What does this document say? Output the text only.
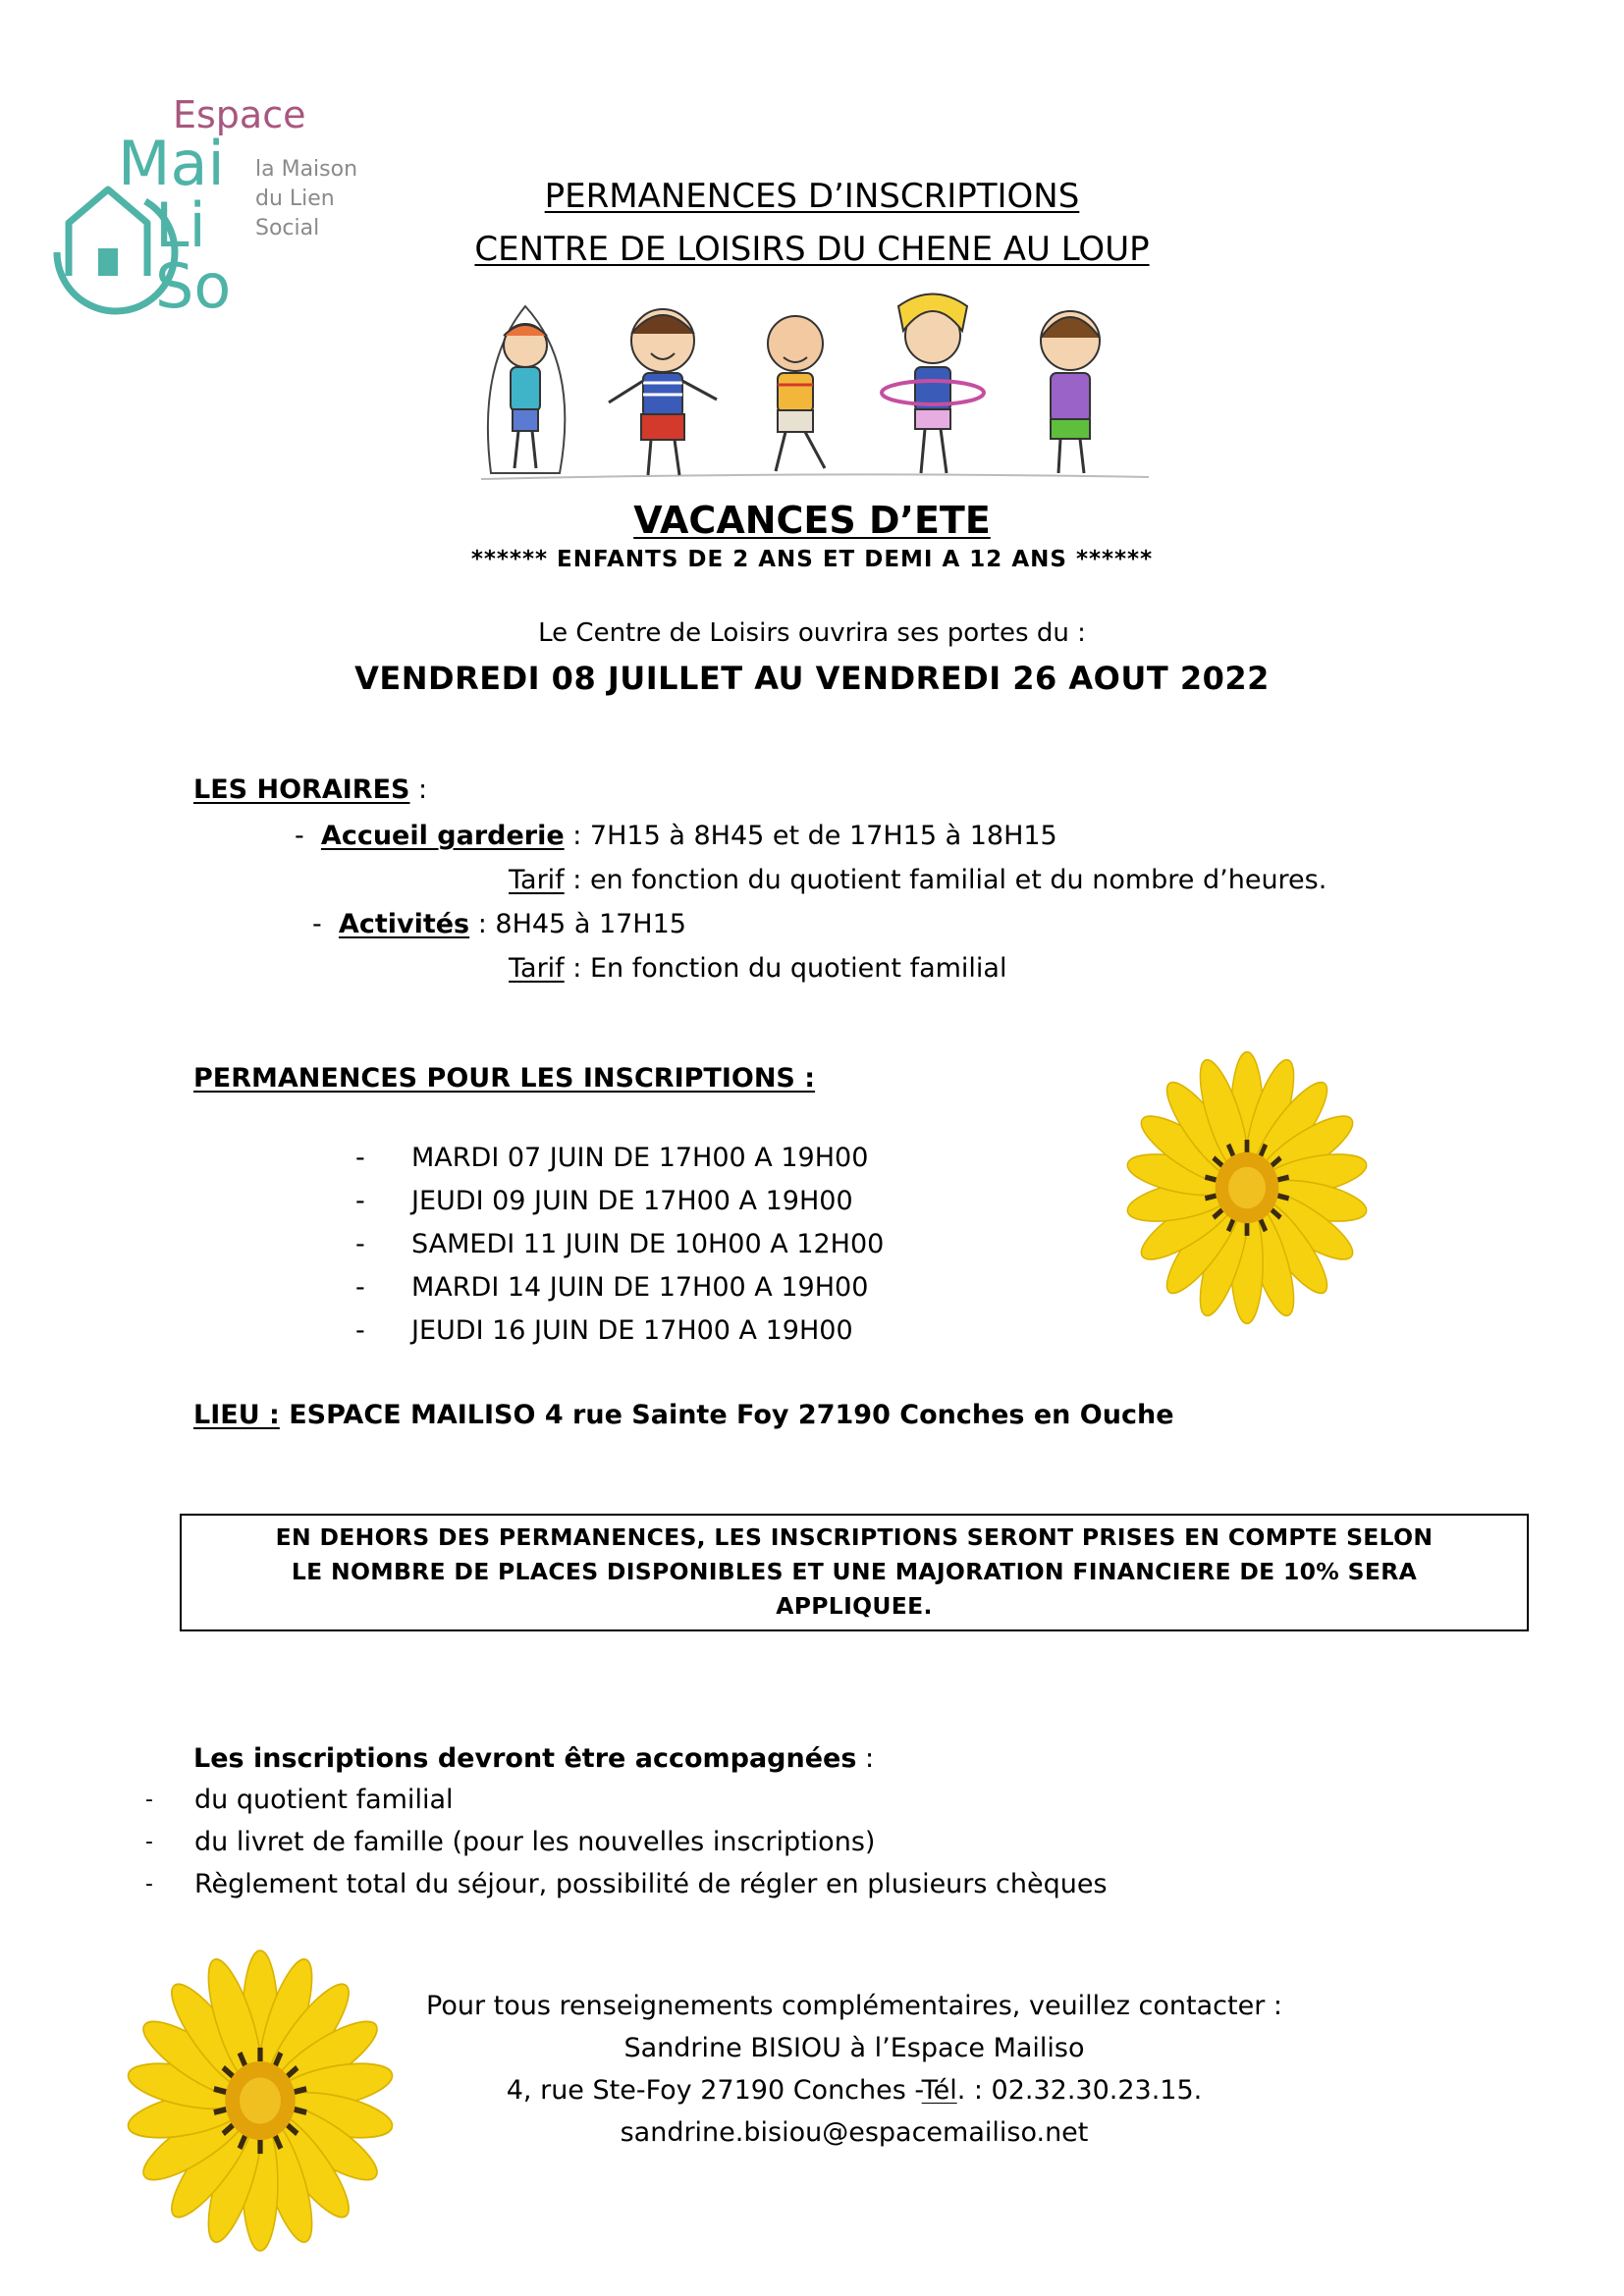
Espace
Mai
Li
So
la Maison
du Lien
Social
PERMANENCES D’INSCRIPTIONS
CENTRE DE LOISIRS DU CHENE AU LOUP
VACANCES D’ETE
****** ENFANTS DE 2 ANS ET DEMI A 12 ANS ******
Le Centre de Loisirs ouvrira ses portes du :
VENDREDI 08 JUILLET AU VENDREDI 26 AOUT 2022
LES HORAIRES :
- Accueil garderie : 7H15 à 8H45 et de 17H15 à 18H15
Tarif : en fonction du quotient familial et du nombre d’heures.
- Activités : 8H45 à 17H15
Tarif : En fonction du quotient familial
PERMANENCES POUR LES INSCRIPTIONS :
-	MARDI 07 JUIN DE 17H00 A 19H00
-	JEUDI 09 JUIN DE 17H00 A 19H00
-	SAMEDI 11 JUIN DE 10H00 A 12H00
-	MARDI 14 JUIN DE 17H00 A 19H00
-	JEUDI 16 JUIN DE 17H00 A 19H00
LIEU : ESPACE MAILISO 4 rue Sainte Foy 27190 Conches en Ouche
EN DEHORS DES PERMANENCES, LES INSCRIPTIONS SERONT PRISES EN COMPTE SELON
LE NOMBRE DE PLACES DISPONIBLES ET UNE MAJORATION FINANCIERE DE 10% SERA
APPLIQUEE.
Les inscriptions devront être accompagnées :
-	du quotient familial
-	du livret de famille (pour les nouvelles inscriptions)
-	Règlement total du séjour, possibilité de régler en plusieurs chèques
Pour tous renseignements complémentaires, veuillez contacter :
Sandrine BISIOU à l’Espace Mailiso
4, rue Ste-Foy 27190 Conches -Tél. : 02.32.30.23.15.
sandrine.bisiou@espacemailiso.net
